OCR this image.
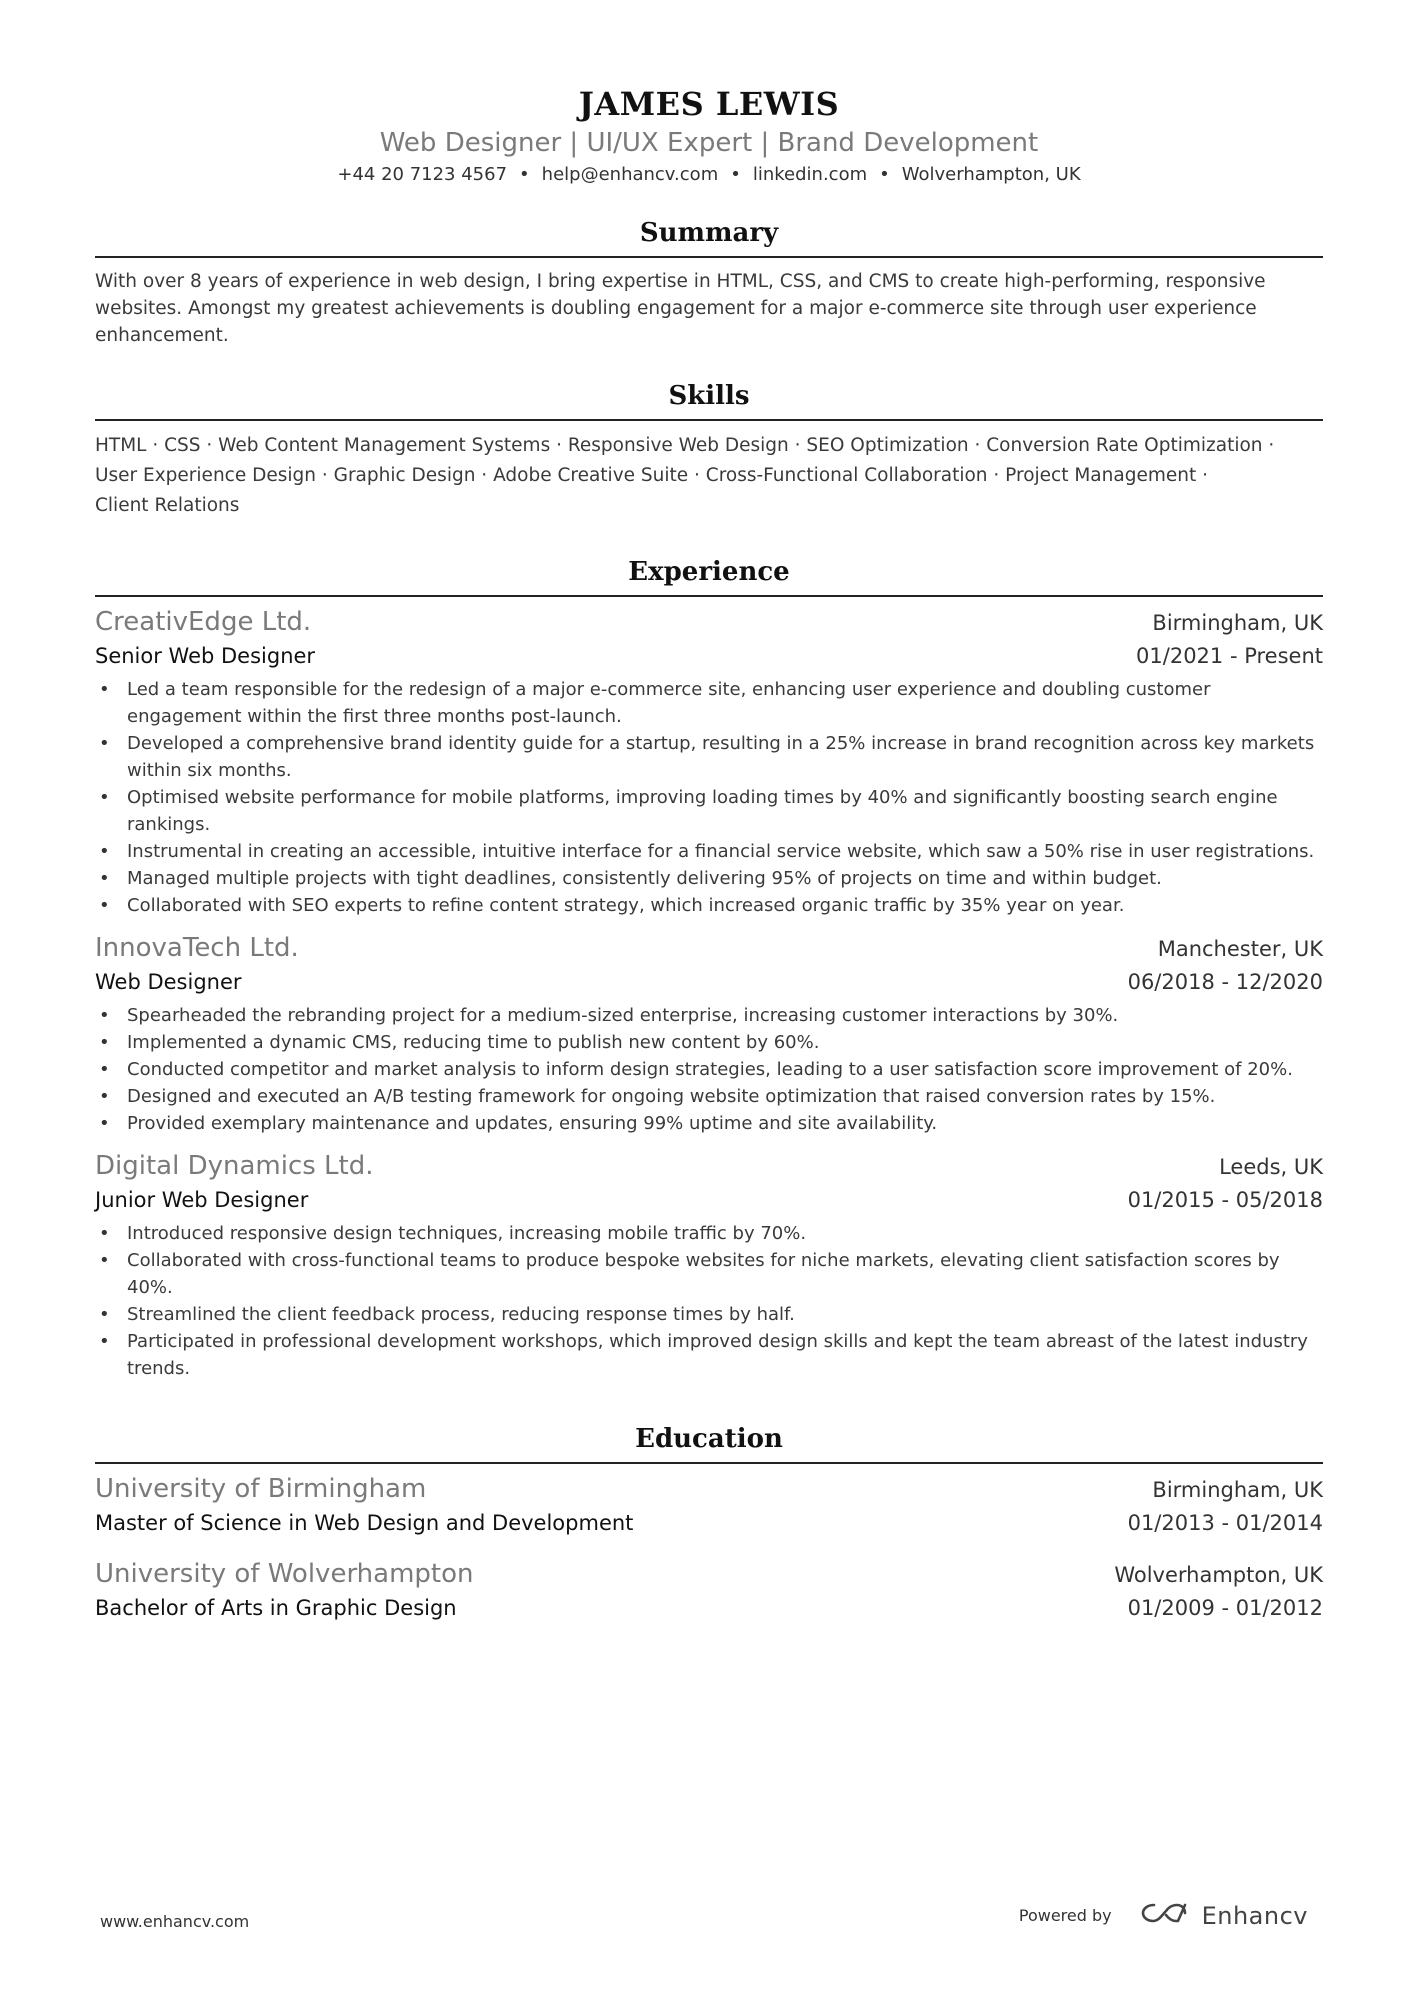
JAMES LEWIS
Web Designer | UI/UX Expert | Brand Development
+44 20 7123 4567 • help@enhancv.com • linkedin.com • Wolverhampton, UK
Summary

With over 8 years of experience in web design, I bring expertise in HTML, CSS, and CMS to create high-performing, responsive websites. Amongst my greatest achievements is doubling engagement for a major e-commerce site through user experience enhancement.

Skills
HTML · CSS · Web Content Management Systems · Responsive Web Design · SEO Optimization · Conversion Rate Optimization ·
User Experience Design · Graphic Design · Adobe Creative Suite · Cross-Functional Collaboration · Project Management ·
Client Relations
Experience
CreativEdge Ltd.	Birmingham, UK
Senior Web Designer	01/2021 - Present
• Led a team responsible for the redesign of a major e-commerce site, enhancing user experience and doubling customer engagement within the first three months post-launch.
• Developed a comprehensive brand identity guide for a startup, resulting in a 25% increase in brand recognition across key markets within six months.
• Optimised website performance for mobile platforms, improving loading times by 40% and significantly boosting search engine rankings.
• Instrumental in creating an accessible, intuitive interface for a financial service website, which saw a 50% rise in user registrations.
• Managed multiple projects with tight deadlines, consistently delivering 95% of projects on time and within budget.
• Collaborated with SEO experts to refine content strategy, which increased organic traffic by 35% year on year.
InnovaTech Ltd.	Manchester, UK
Web Designer	06/2018 - 12/2020
• Spearheaded the rebranding project for a medium-sized enterprise, increasing customer interactions by 30%.
• Implemented a dynamic CMS, reducing time to publish new content by 60%.
• Conducted competitor and market analysis to inform design strategies, leading to a user satisfaction score improvement of 20%.
• Designed and executed an A/B testing framework for ongoing website optimization that raised conversion rates by 15%.
• Provided exemplary maintenance and updates, ensuring 99% uptime and site availability.
Digital Dynamics Ltd.	Leeds, UK
Junior Web Designer	01/2015 - 05/2018
• Introduced responsive design techniques, increasing mobile traffic by 70%.
• Collaborated with cross-functional teams to produce bespoke websites for niche markets, elevating client satisfaction scores by 40%.
• Streamlined the client feedback process, reducing response times by half.
• Participated in professional development workshops, which improved design skills and kept the team abreast of the latest industry trends.
Education
University of Birmingham	Birmingham, UK
Master of Science in Web Design and Development	01/2013 - 01/2014
University of Wolverhampton	Wolverhampton, UK
Bachelor of Arts in Graphic Design	01/2009 - 01/2012
www.enhancv.com	Powered by	Enhancv
